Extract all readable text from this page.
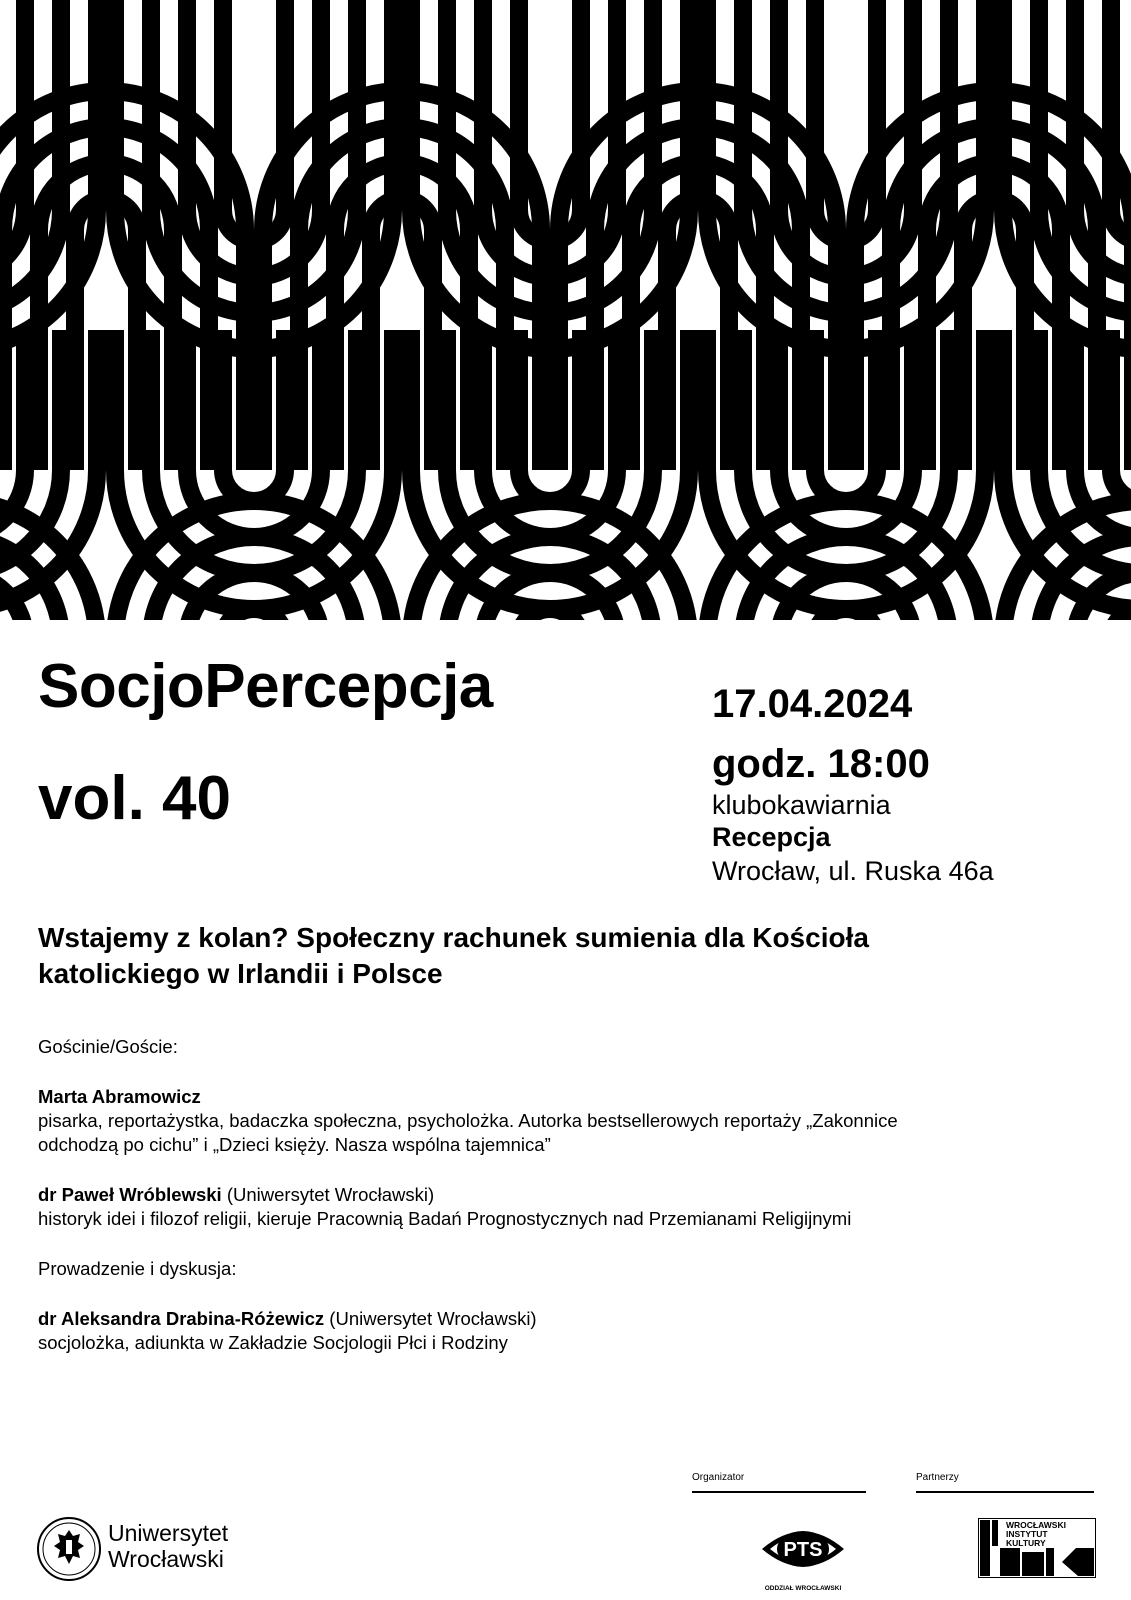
SocjoPercepcja
vol. 40
17.04.2024
godz. 18:00
klubokawiarnia
Recepcja
Wrocław, ul. Ruska 46a
Wstajemy z kolan? Społeczny rachunek sumienia dla Kościoła
katolickiego w Irlandii i Polsce

Gościnie/Goście:

Marta Abramowicz

pisarka, reportażystka, badaczka społeczna, psycholożka. Autorka bestsellerowych reportaży „Zakonnice

odchodzą po cichu” i „Dzieci księży. Nasza wspólna tajemnica”

dr Paweł Wróblewski (Uniwersytet Wrocławski)

historyk idei i filozof religii, kieruje Pracownią Badań Prognostycznych nad Przemianami Religijnymi

Prowadzenie i dyskusja:

dr Aleksandra Drabina-Różewicz (Uniwersytet Wrocławski)

socjolożka, adiunkta w Zakładzie Socjologii Płci i Rodziny

Organizator	Partnerzy
Uniwersytet
Wrocławski	PTS
ODDZIAŁ WROCŁAWSKI
WROCŁAWSKI
INSTYTUT
KULTURY
